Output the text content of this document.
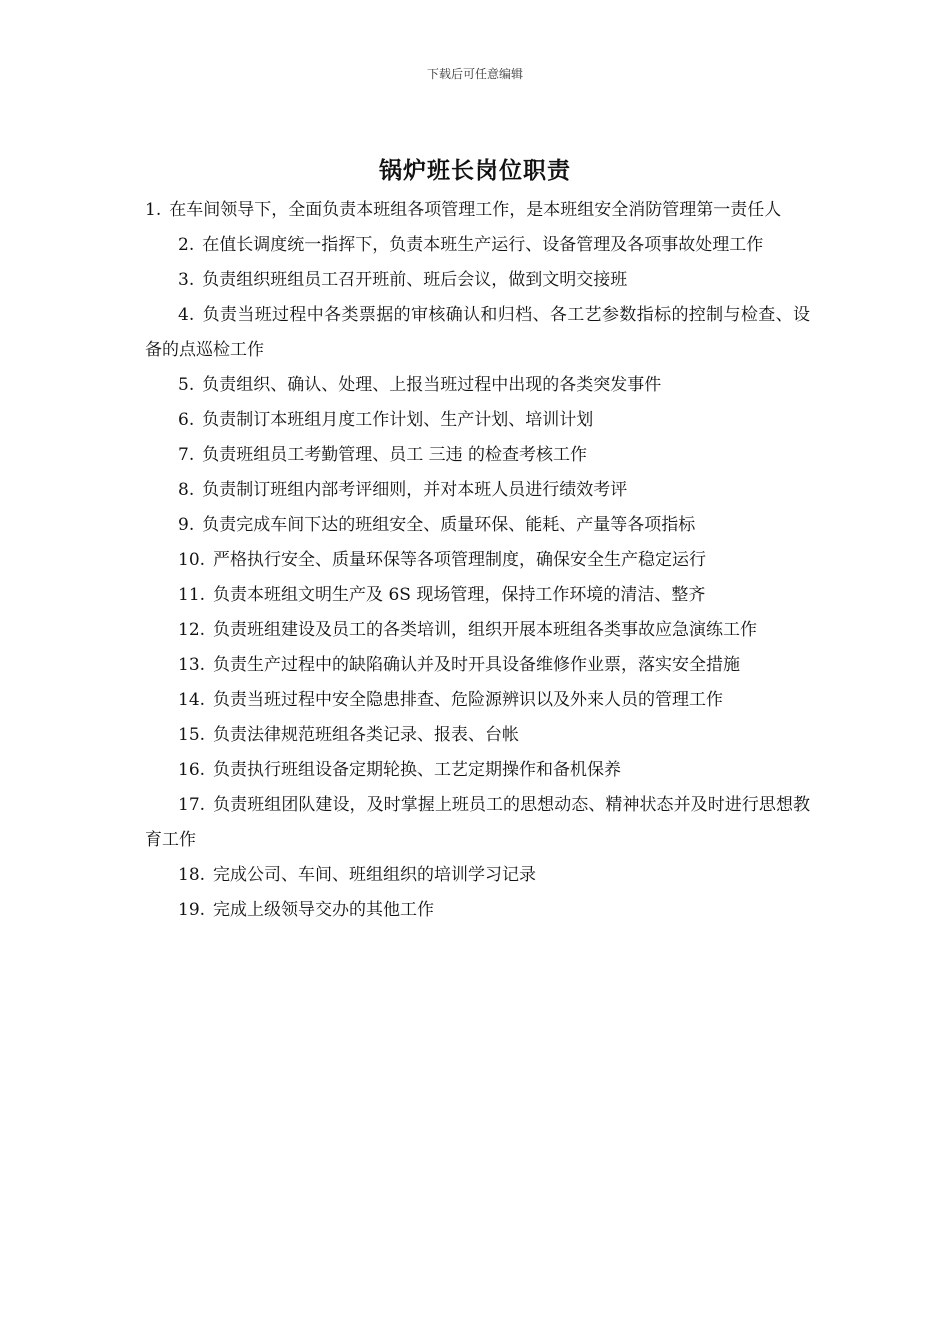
下载后可任意编辑
锅炉班长岗位职责

1. 在车间领导下，全面负责本班组各项管理工作，是本班组安全消防管理第一责任人

2. 在值长调度统一指挥下，负责本班生产运行、设备管理及各项事故处理工作

3. 负责组织班组员工召开班前、班后会议，做到文明交接班

4. 负责当班过程中各类票据的审核确认和归档、各工艺参数指标的控制与检查、设备的点巡检工作

5. 负责组织、确认、处理、上报当班过程中出现的各类突发事件

6. 负责制订本班组月度工作计划、生产计划、培训计划

7. 负责班组员工考勤管理、员工 三违 的检查考核工作

8. 负责制订班组内部考评细则，并对本班人员进行绩效考评

9. 负责完成车间下达的班组安全、质量环保、能耗、产量等各项指标

10. 严格执行安全、质量环保等各项管理制度，确保安全生产稳定运行

11. 负责本班组文明生产及 6S 现场管理，保持工作环境的清洁、整齐

12. 负责班组建设及员工的各类培训，组织开展本班组各类事故应急演练工作

13. 负责生产过程中的缺陷确认并及时开具设备维修作业票，落实安全措施

14. 负责当班过程中安全隐患排查、危险源辨识以及外来人员的管理工作

15. 负责法律规范班组各类记录、报表、台帐

16. 负责执行班组设备定期轮换、工艺定期操作和备机保养

17. 负责班组团队建设，及时掌握上班员工的思想动态、精神状态并及时进行思想教育工作

18. 完成公司、车间、班组组织的培训学习记录

19. 完成上级领导交办的其他工作
